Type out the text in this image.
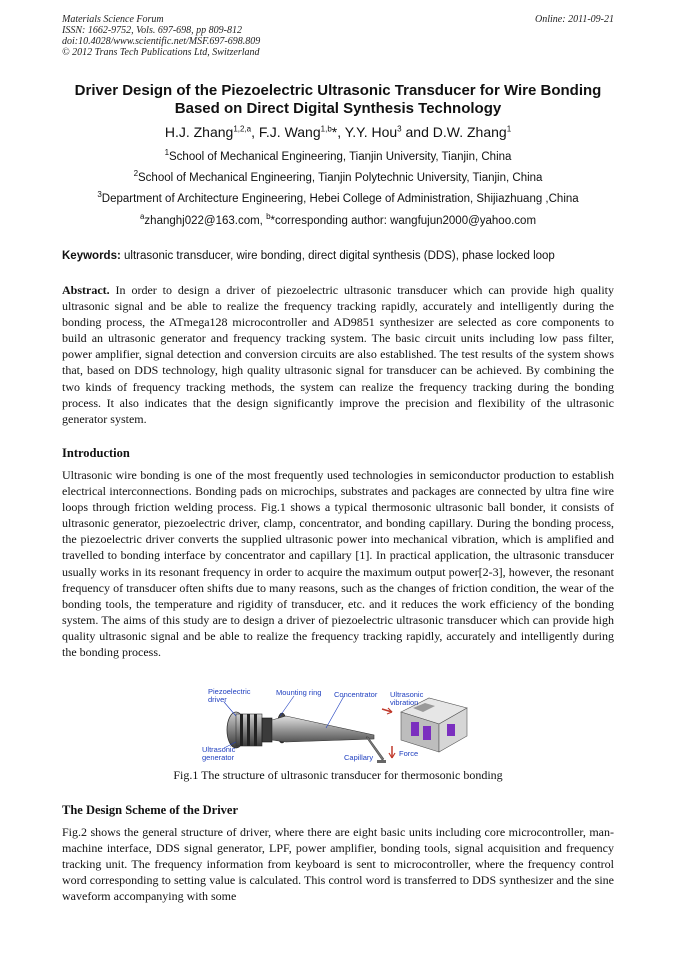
Materials Science Forum
ISSN: 1662-9752, Vols. 697-698, pp 809-812
doi:10.4028/www.scientific.net/MSF.697-698.809
© 2012 Trans Tech Publications Ltd, Switzerland
Online: 2011-09-21
Driver Design of the Piezoelectric Ultrasonic Transducer for Wire Bonding Based on Direct Digital Synthesis Technology
H.J. Zhang$^{1,2,a}$, F.J. Wang$^{1,b}$*, Y.Y. Hou$^3$ and D.W. Zhang$^1$
$^1$School of Mechanical Engineering, Tianjin University, Tianjin, China
$^2$School of Mechanical Engineering, Tianjin Polytechnic University, Tianjin, China
$^3$Department of Architecture Engineering, Hebei College of Administration, Shijiazhuang ,China
$^a$zhanghj022@163.com, $^b$*corresponding author: wangfujun2000@yahoo.com
Keywords: ultrasonic transducer, wire bonding, direct digital synthesis (DDS), phase locked loop
Abstract. In order to design a driver of piezoelectric ultrasonic transducer which can provide high quality ultrasonic signal and be able to realize the frequency tracking rapidly, accurately and intelligently during the bonding process, the ATmega128 microcontroller and AD9851 synthesizer are selected as core components to build an ultrasonic generator and frequency tracking system. The basic circuit units including low pass filter, power amplifier, signal detection and conversion circuits are also established. The test results of the system shows that, based on DDS technology, high quality ultrasonic signal for transducer can be achieved. By combining the two kinds of frequency tracking methods, the system can realize the frequency tracking during the bonding process. It also indicates that the design significantly improve the precision and flexibility of the ultrasonic generator system.
Introduction
Ultrasonic wire bonding is one of the most frequently used technologies in semiconductor production to establish electrical interconnections. Bonding pads on microchips, substrates and packages are connected by ultra fine wire loops through friction welding process. Fig.1 shows a typical thermosonic ultrasonic ball bonder, it consists of ultrasonic generator, piezoelectric driver, clamp, concentrator, and bonding capillary. During the bonding process, the piezoelectric driver converts the supplied ultrasonic power into mechanical vibration, which is amplified and travelled to bonding interface by concentrator and capillary [1]. In practical application, the ultrasonic transducer usually works in its resonant frequency in order to acquire the maximum output power[2-3], however, the resonant frequency of transducer often shifts due to many reasons, such as the changes of friction condition, the wear of the bonding tools, the temperature and rigidity of transducer, etc. and it reduces the work efficiency of the bonding system. The aims of this study are to design a driver of piezoelectric ultrasonic transducer which can provide high quality ultrasonic signal and be able to realize the frequency tracking rapidly, accurately and intelligently during the bonding process.
Piezoelectric driver
Mounting ring Concentrator Ultrasonic vibration
Ultrasonic generator	Capillary	Force
Fig.1 The structure of ultrasonic transducer for thermosonic bonding
The Design Scheme of the Driver
Fig.2 shows the general structure of driver, where there are eight basic units including core microcontroller, man-machine interface, DDS signal generator, LPF, power amplifier, bonding tools, signal acquisition and frequency tracking unit. The frequency information from keyboard is sent to microcontroller, where the frequency control word corresponding to setting value is calculated. This control word is transferred to DDS synthesizer and the sine waveform accompanying with some
